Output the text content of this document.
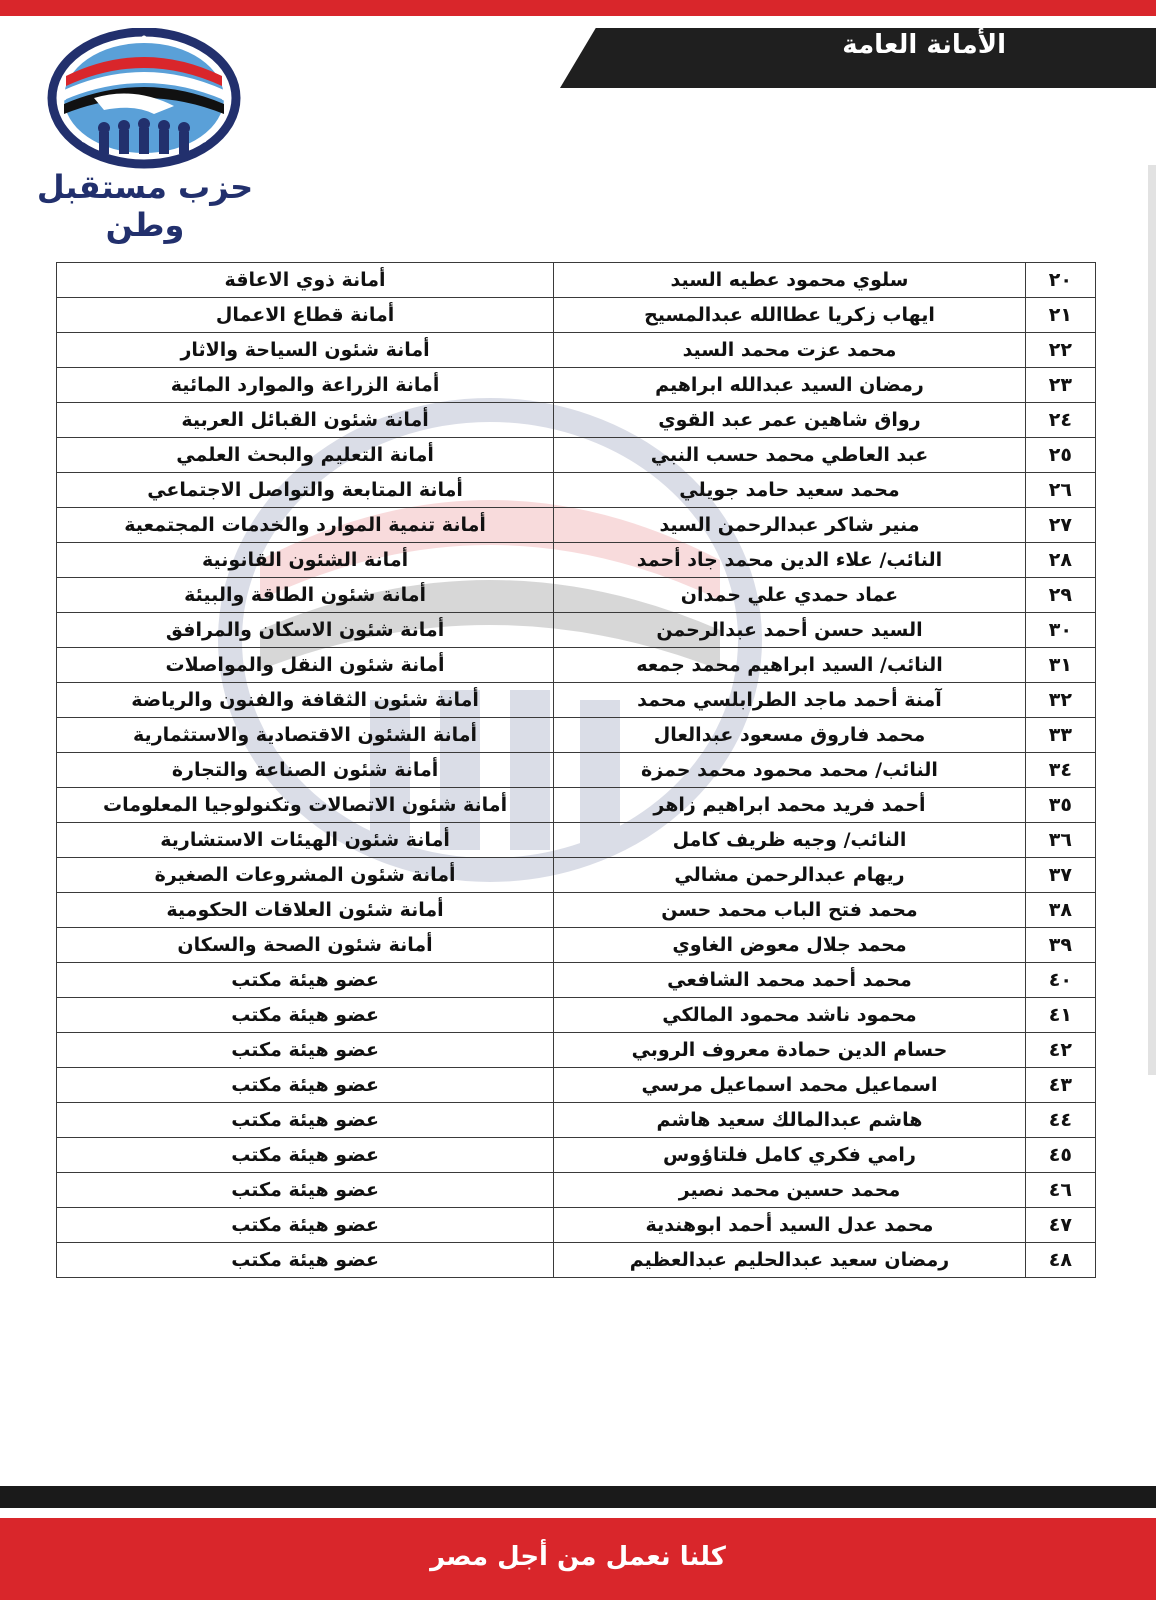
الأمانة العامة
حزب مستقبل وطن
٢٠	سلوي محمود عطيه السيد	أمانة ذوي الاعاقة
٢١	ايهاب زكريا عطاالله عبدالمسيح	أمانة قطاع الاعمال
٢٢	محمد عزت محمد السيد	أمانة شئون السياحة والاثار
٢٣	رمضان السيد عبدالله ابراهيم	أمانة الزراعة والموارد المائية
٢٤	رواق شاهين عمر عبد القوي	أمانة شئون القبائل العربية
٢٥	عبد العاطي محمد حسب النبي	أمانة التعليم والبحث العلمي
٢٦	محمد سعيد حامد جويلي	أمانة المتابعة والتواصل الاجتماعي
٢٧	منير شاكر عبدالرحمن السيد	أمانة تنمية الموارد والخدمات المجتمعية
٢٨	النائب/ علاء الدين محمد جاد أحمد	أمانة الشئون القانونية
٢٩	عماد حمدي علي حمدان	أمانة شئون الطاقة والبيئة
٣٠	السيد حسن أحمد عبدالرحمن	أمانة شئون الاسكان والمرافق
٣١	النائب/ السيد ابراهيم محمد جمعه	أمانة شئون النقل والمواصلات
٣٢	آمنة أحمد ماجد الطرابلسي محمد	أمانة شئون الثقافة والفنون والرياضة
٣٣	محمد فاروق مسعود عبدالعال	أمانة الشئون الاقتصادية والاستثمارية
٣٤	النائب/ محمد محمود محمد حمزة	أمانة شئون الصناعة والتجارة
٣٥	أحمد فريد محمد ابراهيم زاهر	أمانة شئون الاتصالات وتكنولوجيا المعلومات
٣٦	النائب/ وجيه ظريف كامل	أمانة شئون الهيئات الاستشارية
٣٧	ريهام عبدالرحمن مشالي	أمانة شئون المشروعات الصغيرة
٣٨	محمد فتح الباب محمد حسن	أمانة شئون العلاقات الحكومية
٣٩	محمد جلال معوض الغاوي	أمانة شئون الصحة والسكان
٤٠	محمد أحمد محمد الشافعي	عضو هيئة مكتب
٤١	محمود ناشد محمود المالكي	عضو هيئة مكتب
٤٢	حسام الدين حمادة معروف الروبي	عضو هيئة مكتب
٤٣	اسماعيل محمد اسماعيل مرسي	عضو هيئة مكتب
٤٤	هاشم عبدالمالك سعيد هاشم	عضو هيئة مكتب
٤٥	رامي فكري كامل فلتاؤوس	عضو هيئة مكتب
٤٦	محمد حسين محمد نصير	عضو هيئة مكتب
٤٧	محمد عدل السيد أحمد ابوهندية	عضو هيئة مكتب
٤٨	رمضان سعيد عبدالحليم عبدالعظيم	عضو هيئة مكتب
كلنا نعمل من أجل مصر
